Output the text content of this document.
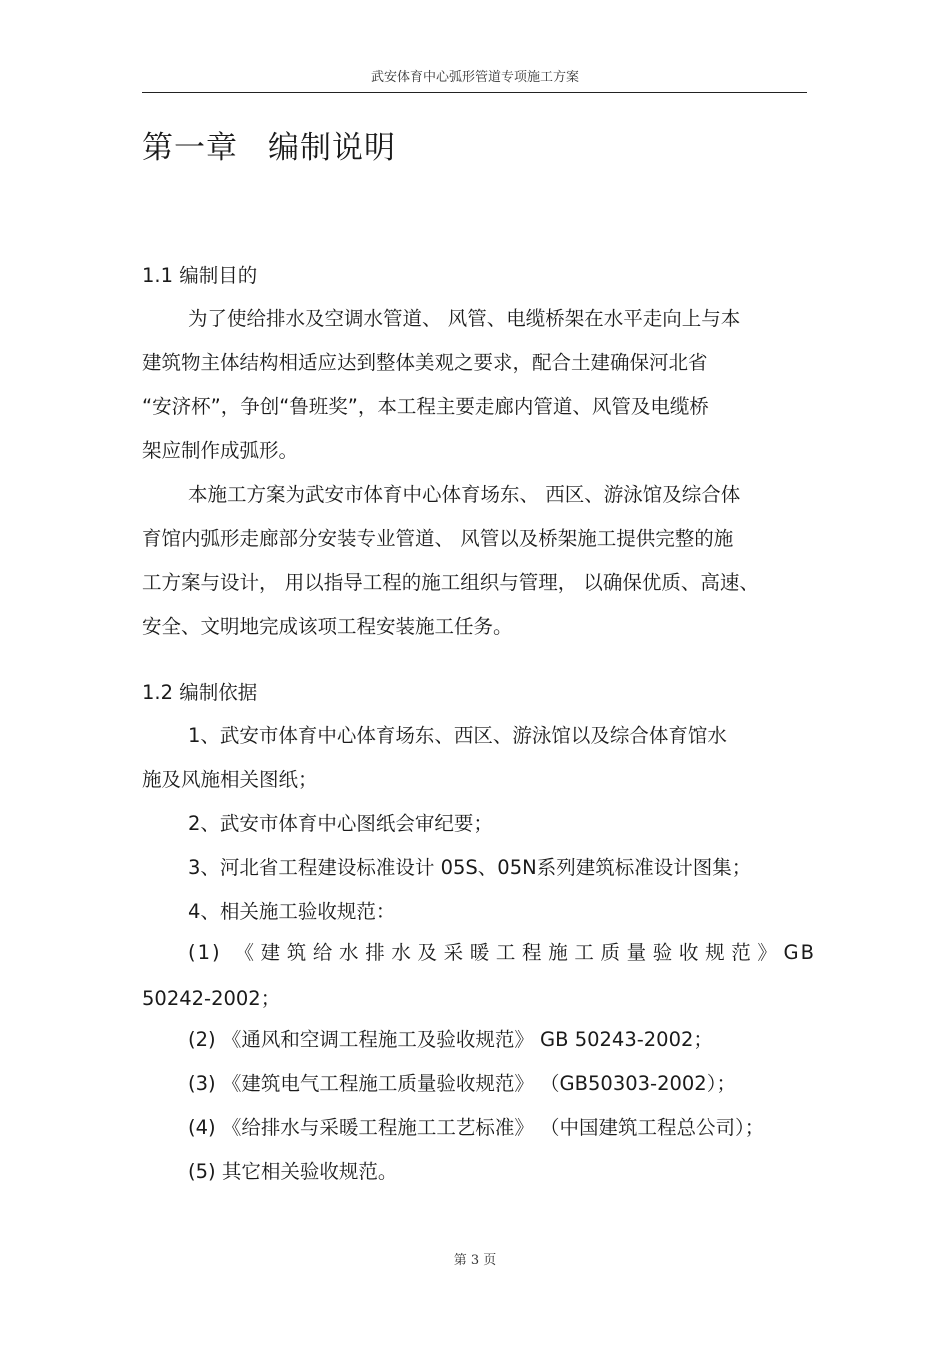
武安体育中心弧形管道专项施工方案
第一章 编制说明
1.1 编制目的
为了使给排水及空调水管道、 风管、电缆桥架在水平走向上与本
建筑物主体结构相适应达到整体美观之要求，配合土建确保河北省
“安济杯”，争创“鲁班奖”，本工程主要走廊内管道、风管及电缆桥
架应制作成弧形。
本施工方案为武安市体育中心体育场东、 西区、游泳馆及综合体
育馆内弧形走廊部分安装专业管道、 风管以及桥架施工提供完整的施
工方案与设计， 用以指导工程的施工组织与管理， 以确保优质、高速、
安全、文明地完成该项工程安装施工任务。
1.2 编制依据
1、武安市体育中心体育场东、西区、游泳馆以及综合体育馆水
施及风施相关图纸；
2、武安市体育中心图纸会审纪要；
3、河北省工程建设标准设计 05S、05N系列建筑标准设计图集；
4、相关施工验收规范：
(1) 《建筑给水排水及采暖工程施工质量验收规范》GB
50242-2002；
(2) 《通风和空调工程施工及验收规范》 GB 50243-2002；
(3) 《建筑电气工程施工质量验收规范》 （GB50303-2002）；
(4) 《给排水与采暖工程施工工艺标准》 （中国建筑工程总公司）；
(5) 其它相关验收规范。
第 3 页
